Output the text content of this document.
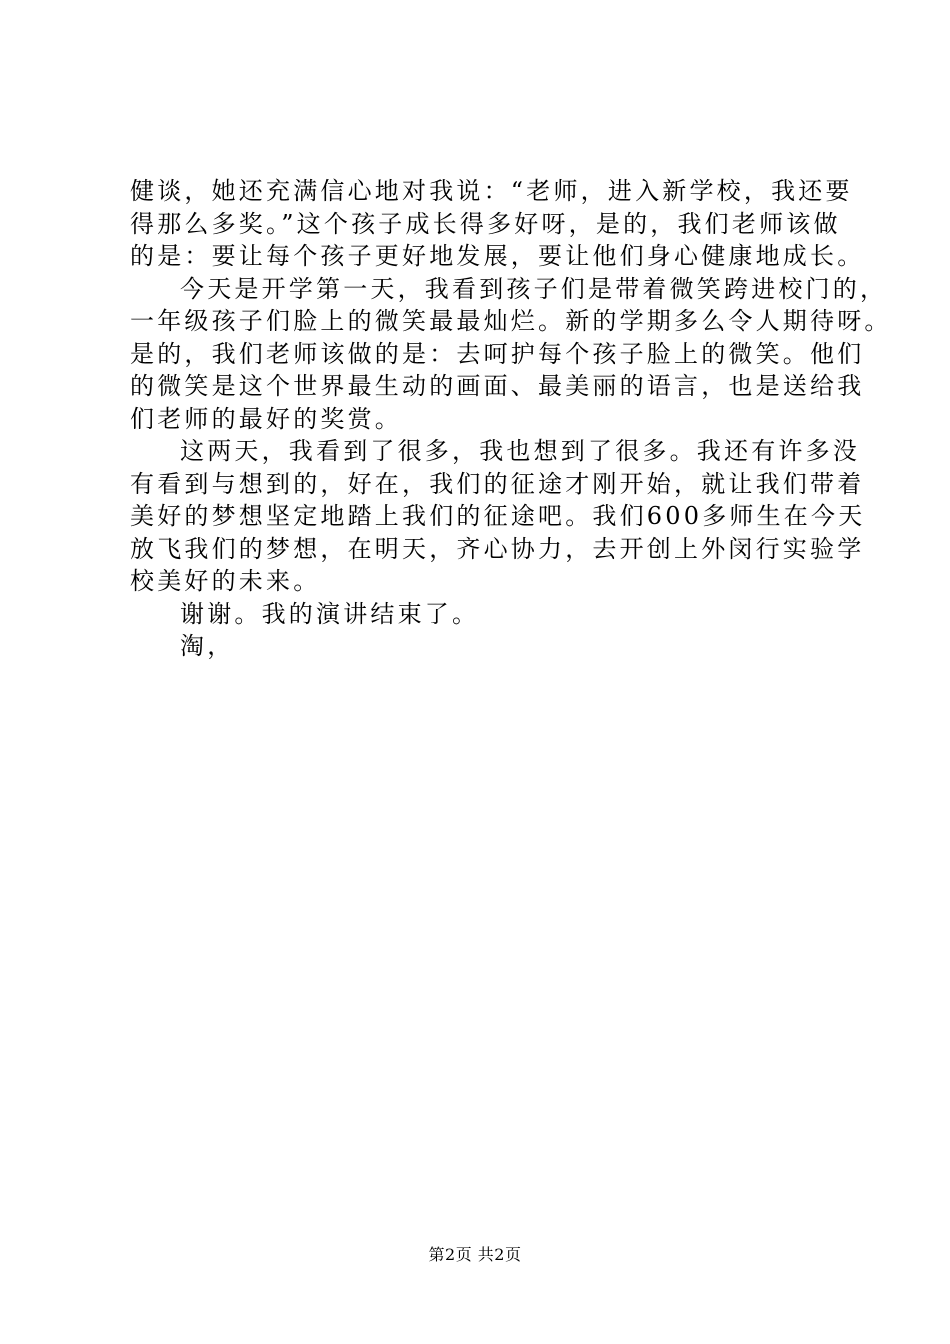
健谈，她还充满信心地对我说：“老师，进入新学校，我还要
得那么多奖。”这个孩子成长得多好呀，是的，我们老师该做
的是：要让每个孩子更好地发展，要让他们身心健康地成长。
今天是开学第一天，我看到孩子们是带着微笑跨进校门的，
一年级孩子们脸上的微笑最最灿烂。新的学期多么令人期待呀。
是的，我们老师该做的是：去呵护每个孩子脸上的微笑。他们
的微笑是这个世界最生动的画面、最美丽的语言，也是送给我
们老师的最好的奖赏。
这两天，我看到了很多，我也想到了很多。我还有许多没
有看到与想到的，好在，我们的征途才刚开始，就让我们带着
美好的梦想坚定地踏上我们的征途吧。我们600多师生在今天
放飞我们的梦想，在明天，齐心协力，去开创上外闵行实验学
校美好的未来。
谢谢。我的演讲结束了。
淘，
第2页 共2页
